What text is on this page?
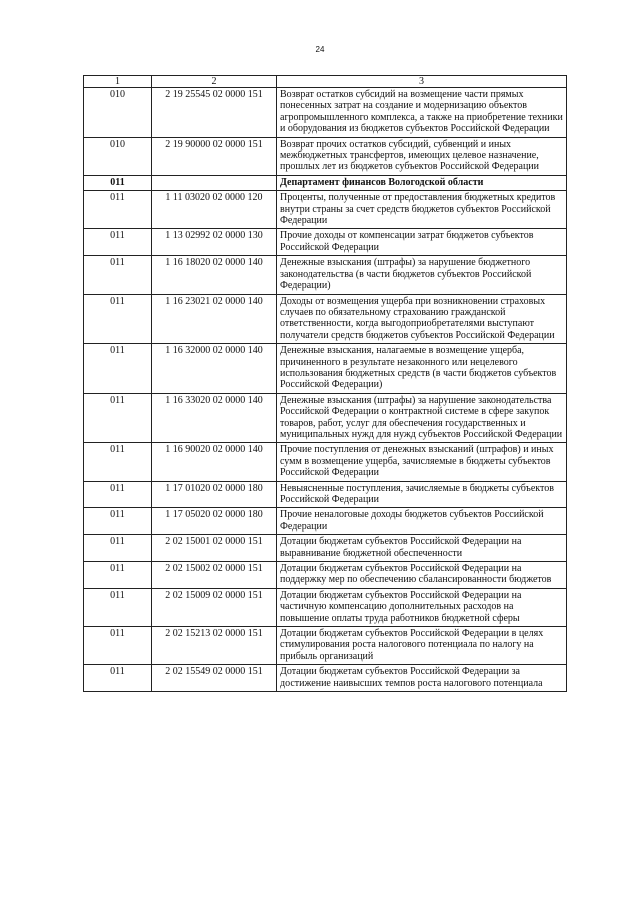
24
1	2	3
010	2 19 25545 02 0000 151	Возврат остатков субсидий на возмещение части прямых понесенных затрат на создание и модернизацию объектов агропромышленного комплекса, а также на приобретение техники и оборудования из бюджетов субъектов Российской Федерации
010	2 19 90000 02 0000 151	Возврат прочих остатков субсидий, субвенций и иных межбюджетных трансфертов, имеющих целевое назначение, прошлых лет из бюджетов субъектов Российской Федерации
011		Департамент финансов Вологодской области
011	1 11 03020 02 0000 120	Проценты, полученные от предоставления бюджетных кредитов внутри страны за счет средств бюджетов субъектов Российской Федерации
011	1 13 02992 02 0000 130	Прочие доходы от компенсации затрат бюджетов субъектов Российской Федерации
011	1 16 18020 02 0000 140	Денежные взыскания (штрафы) за нарушение бюджетного законодательства (в части бюджетов субъектов Российской Федерации)
011	1 16 23021 02 0000 140	Доходы от возмещения ущерба при возникновении страховых случаев по обязательному страхованию гражданской ответственности, когда выгодоприобретателями выступают получатели средств бюджетов субъектов Российской Федерации
011	1 16 32000 02 0000 140	Денежные взыскания, налагаемые в возмещение ущерба, причиненного в результате незаконного или нецелевого использования бюджетных средств (в части бюджетов субъектов Российской Федерации)
011	1 16 33020 02 0000 140	Денежные взыскания (штрафы) за нарушение законодательства Российской Федерации о контрактной системе в сфере закупок товаров, работ, услуг для обеспечения государственных и муниципальных нужд для нужд субъектов Российской Федерации
011	1 16 90020 02 0000 140	Прочие поступления от денежных взысканий (штрафов) и иных сумм в возмещение ущерба, зачисляемые в бюджеты субъектов Российской Федерации
011	1 17 01020 02 0000 180	Невыясненные поступления, зачисляемые в бюджеты субъектов Российской Федерации
011	1 17 05020 02 0000 180	Прочие неналоговые доходы бюджетов субъектов Российской Федерации
011	2 02 15001 02 0000 151	Дотации бюджетам субъектов Российской Федерации на выравнивание бюджетной обеспеченности
011	2 02 15002 02 0000 151	Дотации бюджетам субъектов Российской Федерации на поддержку мер по обеспечению сбалансированности бюджетов
011	2 02 15009 02 0000 151	Дотации бюджетам субъектов Российской Федерации на частичную компенсацию дополнительных расходов на повышение оплаты труда работников бюджетной сферы
011	2 02 15213 02 0000 151	Дотации бюджетам субъектов Российской Федерации в целях стимулирования роста налогового потенциала по налогу на прибыль организаций
011	2 02 15549 02 0000 151	Дотации бюджетам субъектов Российской Федерации за достижение наивысших темпов роста налогового потенциала
